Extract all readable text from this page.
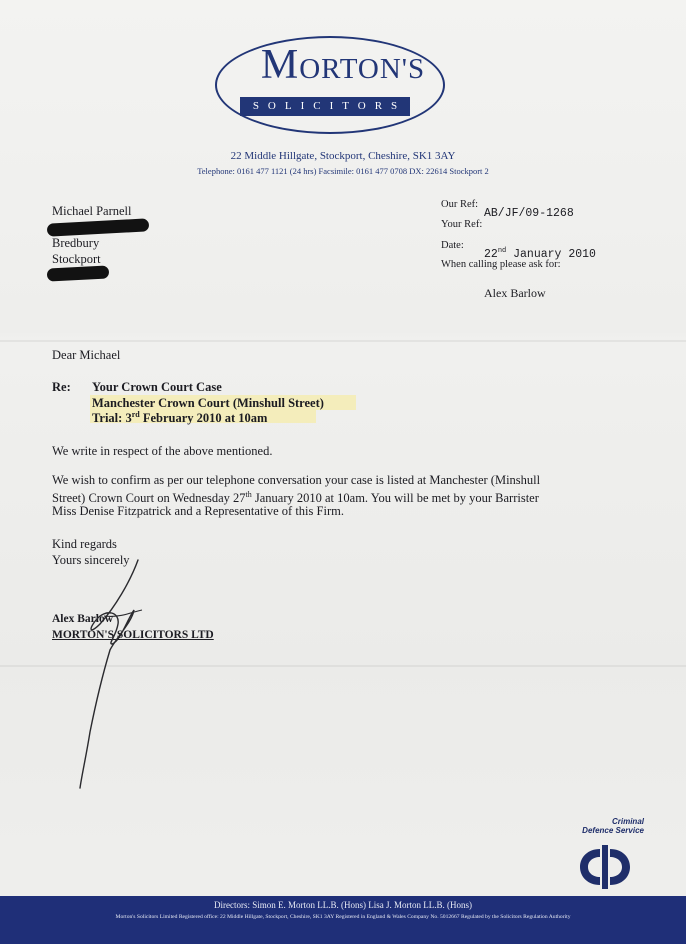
MORTON'S
SOLICITORS
22 Middle Hillgate, Stockport, Cheshire, SK1 3AY
Telephone: 0161 477 1121 (24 hrs) Facsimile: 0161 477 0708 DX: 22614 Stockport 2
Michael Parnell
Bredbury
Stockport
Our Ref:
AB/JF/09-1268
Your Ref:
Date:
22nd January 2010
When calling please ask for:
Alex Barlow
Dear Michael
Re: Your Crown Court Case
Manchester Crown Court (Minshull Street)
Trial: 3rd February 2010 at 10am
We write in respect of the above mentioned.
We wish to confirm as per our telephone conversation your case is listed at Manchester (Minshull
Street) Crown Court on Wednesday 27th January 2010 at 10am. You will be met by your Barrister
Miss Denise Fitzpatrick and a Representative of this Firm.
Kind regards
Yours sincerely
Alex Barlow
MORTON'S SOLICITORS LTD
Criminal
Defence Service
Directors: Simon E. Morton LL.B. (Hons) Lisa J. Morton LL.B. (Hons)
Morton's Solicitors Limited Registered office: 22 Middle Hillgate, Stockport, Cheshire, SK1 3AY Registered in England & Wales Company No. 5012667 Regulated by the Solicitors Regulation Authority
